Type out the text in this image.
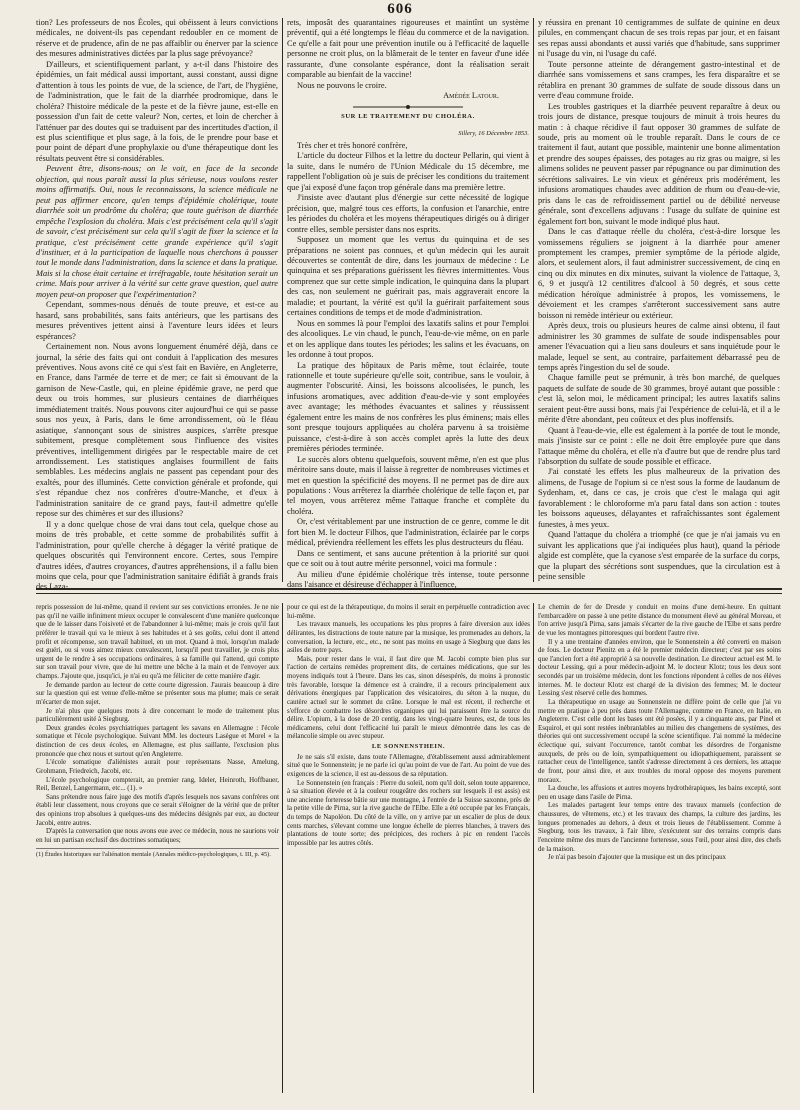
606

tion? Les professeurs de nos Écoles, qui obéissent à leurs convictions médicales, ne doivent-ils pas cependant redoubler en ce moment de réserve et de prudence, afin de ne pas affaiblir ou énerver par la science des mesures administratives dictées par la plus sage prévoyance?

D'ailleurs, et scientifiquement parlant, y a-t-il dans l'histoire des épidémies, un fait médical aussi important, aussi constant, aussi digne d'attention à tous les points de vue, de la science, de l'art, de l'hygiène, de l'administration, que le fait de la diarrhée prodromique, dans le choléra? l'histoire médicale de la peste et de la fièvre jaune, est-elle en possession d'un fait de cette valeur? Non, certes, et loin de chercher à l'atténuer par des doutes qui se traduisent par des incertitudes d'action, il est plus scientifique et plus sage, à la fois, de le prendre pour base et pour point de départ d'une prophylaxie ou d'une thérapeutique dont les résultats peuvent être si considérables.

Peuvent être, disons-nous; on le voit, en face de la seconde objection, qui nous paraît aussi la plus sérieuse, nous voulons rester moins affirmatifs. Oui, nous le reconnaissons, la science médicale ne peut pas affirmer encore, qu'en temps d'épidémie cholérique, toute diarrhée soit un prodrôme du choléra; que toute guérison de diarrhée empêche l'explosion du choléra. Mais c'est précisément cela qu'il s'agit de savoir, c'est précisément sur cela qu'il s'agit de fixer la science et la pratique, c'est précisément cette grande expérience qu'il s'agit d'instituer, et à la participation de laquelle nous cherchons à pousser tout le monde dans l'administration, dans la science et dans la pratique. Mais si la chose était certaine et irréfragable, toute hésitation serait un crime. Mais pour arriver à la vérité sur cette grave question, quel autre moyen peut-on proposer que l'expérimentation?

Cependant, sommes-nous dénués de toute preuve, et est-ce au hasard, sans probabilités, sans faits antérieurs, que les partisans des mesures préventives jettent ainsi à l'aventure leurs idées et leurs espérances?

Certainement non. Nous avons longuement énuméré déjà, dans ce journal, la série des faits qui ont conduit à l'application des mesures préventives. Nous avons cité ce qui s'est fait en Bavière, en Angleterre, en France, dans l'armée de terre et de mer; ce fait si émouvant de la garnison de New-Castle, qui, en pleine épidémie grave, ne perd que deux ou trois hommes, sur plusieurs centaines de diarrhéiques immédiatement traités. Nous pouvons citer aujourd'hui ce qui se passe sous nos yeux, à Paris, dans le 6me arrondissement, où le fléau asiatique, s'annonçant sous de sinistres auspices, s'arrête presque subitement, presque complètement sous l'influence des visites préventives, intelligemment dirigées par le respectable maire de cet arrondissement. Les statistiques anglaises fourmillent de faits semblables. Les médecins anglais ne passent pas cependant pour des exaltés, pour des illuminés. Cette conviction générale et profonde, qui s'est répandue chez nos confrères d'outre-Manche, et d'eux à l'administration sanitaire de ce grand pays, faut-il admettre qu'elle repose sur des chimères et sur des illusions?

Il y a donc quelque chose de vrai dans tout cela, quelque chose au moins de très probable, et cette somme de probabilités suffit à l'administration, pour qu'elle cherche à dégager la vérité pratique de quelques obscurités qui l'environnent encore. Certes, sous l'empire d'autres idées, d'autres croyances, d'autres appréhensions, il a fallu bien moins que cela, pour que l'administration sanitaire édifiât à grands frais des Laza-

rets, imposât des quarantaines rigoureuses et maintînt un système préventif, qui a été longtemps le fléau du commerce et de la navigation. Ce qu'elle a fait pour une prévention inutile ou à l'efficacité de laquelle personne ne croit plus, on la blâmerait de le tenter en faveur d'une idée rassurante, d'une consolante espérance, dont la réalisation serait comparable au bienfait de la vaccine!

Nous ne pouvons le croire.

Amédée Latour.

SUR LE TRAITEMENT DU CHOLÉRA.

Sillery, 16 Décembre 1853.

Très cher et très honoré confrère,

L'article du docteur Filhos et la lettre du docteur Pellarin, qui vient à la suite, dans le numéro de l'Union Médicale du 15 décembre, me rappellent l'obligation où je suis de préciser les conditions du traitement que j'ai exposé d'une façon trop générale dans ma première lettre.

J'insiste avec d'autant plus d'énergie sur cette nécessité de logique précision, que, malgré tous ces efforts, la confusion et l'anarchie, entre les périodes du choléra et les moyens thérapeutiques dirigés ou à diriger contre elles, semble persister dans nos esprits.

Supposez un moment que les vertus du quinquina et de ses préparations ne soient pas connues, et qu'un médecin qui les aurait découvertes se contentât de dire, dans les journaux de médecine : Le quinquina et ses préparations guérissent les fièvres intermittentes. Vous comprenez que sur cette simple indication, le quinquina dans la plupart des cas, non seulement ne guérirait pas, mais aggraverait encore la maladie; et pourtant, la vérité est qu'il la guérirait parfaitement sous certaines conditions de temps et de mode d'administration.

Nous en sommes là pour l'emploi des laxatifs salins et pour l'emploi des alcooliques. Le vin chaud, le punch, l'eau-de-vie même, on en parle et on les applique dans toutes les périodes; les salins et les évacuans, on les ordonne à tout propos.

La pratique des hôpitaux de Paris même, tout éclairée, toute rationnelle et toute supérieure qu'elle soit, contribue, sans le vouloir, à augmenter l'obscurité. Ainsi, les boissons alcoolisées, le punch, les infusions aromatiques, avec addition d'eau-de-vie y sont employées avec avantage; les méthodes évacuantes et salines y réussissent également entre les mains de nos confrères les plus éminens; mais elles sont presque toujours appliquées au choléra parvenu à sa troisième puissance, c'est-à-dire à son accès complet après la lutte des deux premières périodes terminée.

Le succès alors obtenu quelquefois, souvent même, n'en est que plus méritoire sans doute, mais il laisse à regretter de nombreuses victimes et met en question la spécificité des moyens. Il ne permet pas de dire aux populations : Vous arrêterez la diarrhée cholérique de telle façon et, par tel moyen, vous arrêterez même l'attaque franche et complète du choléra.

Or, c'est véritablement par une instruction de ce genre, comme le dit fort bien M. le docteur Filhos, que l'administration, éclairée par le corps médical, préviendra réellement les effets les plus destructeurs du fléau.

Dans ce sentiment, et sans aucune prétention à la priorité sur quoi que ce soit ou à tout autre mérite personnel, voici ma formule :

Au milieu d'une épidémie cholérique très intense, toute personne dans l'aisance et désireuse d'échapper à l'influence,

y réussira en prenant 10 centigrammes de sulfate de quinine en deux pilules, en commençant chacun de ses trois repas par jour, et en faisant ses repas aussi abondants et aussi variés que d'habitude, sans supprimer ni l'usage du vin, ni l'usage du café.

Toute personne atteinte de dérangement gastro-intestinal et de diarrhée sans vomissemens et sans crampes, les fera disparaître et se rétablira en prenant 30 grammes de sulfate de soude dissous dans un verre d'eau commune froide.

Les troubles gastriques et la diarrhée peuvent reparaître à deux ou trois jours de distance, presque toujours de minuit à trois heures du matin : à chaque récidive il faut opposer 30 grammes de sulfate de soude, pris au moment où le trouble reparaît. Dans le cours de ce traitement il faut, autant que possible, maintenir une bonne alimentation et prendre des soupes épaisses, des potages au riz gras ou maigre, si les alimens solides ne peuvent passer par répugnance ou par diminution des sécrétions salivaires. Le vin vieux et généreux pris modérément, les infusions aromatiques chaudes avec addition de rhum ou d'eau-de-vie, pris dans le cas de refroidissement partiel ou de débilité nerveuse générale, sont d'excellens adjuvans : l'usage du sulfate de quinine est également fort bon, suivant le mode indiqué plus haut.

Dans le cas d'attaque réelle du choléra, c'est-à-dire lorsque les vomissemens réguliers se joignent à la diarrhée pour amener promptement les crampes, premier symptôme de la période algide, alors, et seulement alors, il faut administrer successivement, de cinq en cinq ou dix minutes en dix minutes, suivant la violence de l'attaque, 3, 6, 9 et jusqu'à 12 centilitres d'alcool à 50 degrés, et sous cette médication héroïque administrée à propos, les vomissemens, le dévoiement et les crampes s'arrêteront successivement sans autre boisson ni remède intérieur ou extérieur.

Après deux, trois ou plusieurs heures de calme ainsi obtenu, il faut administrer les 30 grammes de sulfate de soude indispensables pour amener l'évacuation qui a lieu sans douleurs et sans inquiétude pour le malade, lequel se sent, au contraire, parfaitement débarrassé peu de temps après l'ingestion du sel de soude.

Chaque famille peut se prémunir, à très bon marché, de quelques paquets de sulfate de soude de 30 grammes, broyé autant que possible : c'est là, selon moi, le médicament principal; les autres laxatifs salins seraient peut-être aussi bons, mais j'ai l'expérience de celui-là, et il a le mérite d'être abondant, peu coûteux et des plus inoffensifs.

Quant à l'eau-de-vie, elle est également à la portée de tout le monde, mais j'insiste sur ce point : elle ne doit être employée pure que dans l'attaque même du choléra, et elle n'a d'autre but que de rendre plus tard l'absorption du sulfate de soude possible et efficace.

J'ai constaté les effets les plus malheureux de la privation des alimens, de l'usage de l'opium si ce n'est sous la forme de laudanum de Sydenham, et, dans ce cas, je crois que c'est le malaga qui agit favorablement : le chloroforme m'a paru fatal dans son action : toutes les boissons aqueuses, délayantes et rafraîchissantes sont également funestes, à mes yeux.

Quand l'attaque du choléra a triomphé (ce que je n'ai jamais vu en suivant les applications que j'ai indiquées plus haut), quand la période algide est complète, que la cyanose s'est emparée de la surface du corps, que la plupart des sécrétions sont suspendues, que la circulation est à peine sensible

repris possession de lui-même, quand il revient sur ses convictions erronées. Je ne nie pas qu'il ne vaille infiniment mieux occuper le convalescent d'une manière quelconque que de le laisser dans l'oisiveté et de l'abandonner à lui-même; mais je crois qu'il faut préférer le travail qui va le mieux à ses habitudes et à ses goûts, celui dont il attend profit et récompense, son travail habituel, en un mot. Quand à moi, lorsqu'un malade est guéri, ou si vous aimez mieux convalescent, lorsqu'il peut travailler, je crois plus urgent de le rendre à ses occupations ordinaires, à sa famille qui l'attend, qui compte sur son travail pour vivre, que de lui mettre une bêche à la main et de l'envoyer aux champs. J'ajoute que, jusqu'ici, je n'ai eu qu'à me féliciter de cette manière d'agir.

Je demande pardon au lecteur de cette courte digression. J'aurais beaucoup à dire sur la question qui est venue d'elle-même se présenter sous ma plume; mais ce serait m'écarter de mon sujet.

Je n'ai plus que quelques mots à dire concernant le mode de traitement plus particulièrement usité à Siegburg.

Deux grandes écoles psychiatriques partagent les savans en Allemagne : l'école somatique et l'école psychologique. Suivant MM. les docteurs Lasègue et Morel « la distinction de ces deux écoles, en Allemagne, est plus saillante, l'exclusion plus prononcée que chez nous et surtout qu'en Angleterre.

L'école somatique d'aliénistes aurait pour représentans Nasse, Amelung, Grohmann, Friedreich, Jacobi, etc.

L'école psychologique compterait, au premier rang, Ideler, Heinroth, Hoffbauer, Reil, Benzel, Langermann, etc... (1). »

Sans prétendre nous faire juge des motifs d'après lesquels nos savans confrères ont établi leur classement, nous croyons que ce serait s'éloigner de la vérité que de prêter des opinions trop absolues à quelques-uns des médecins désignés par eux, au docteur Jacobi, entre autres.

D'après la conversation que nous avons eue avec ce médecin, nous ne saurions voir en lui un partisan exclusif des doctrines somatiques;

(1) Études historiques sur l'aliénation mentale (Annales médico-psychologiques, t. III, p. 45).

pour ce qui est de la thérapeutique, du moins il serait en perpétuelle contradiction avec lui-même.

Les travaux manuels, les occupations les plus propres à faire diversion aux idées délirantes, les distractions de toute nature par la musique, les promenades au dehors, la conversation, la lecture, etc., etc., ne sont pas moins en usage à Siegburg que dans les asiles de notre pays.

Mais, pour rester dans le vrai, il faut dire que M. Jacobi compte bien plus sur l'action de certains remèdes proprement dits, de certaines médications, que sur les moyens indiqués tout à l'heure. Dans les cas, sinon désespérés, du moins à pronostic très favorable, lorsque la démence est à craindre, il a recours principalement aux dérivations énergiques par l'application des vésicatoires, du séton à la nuque, du cautère actuel sur le sommet du crâne. Lorsque le mal est récent, il recherche et s'efforce de combattre les désordres organiques qui lui paraissent être la source du délire. L'opium, à la dose de 20 centig. dans les vingt-quatre heures, est, de tous les médicamens, celui dont l'efficacité lui paraît le mieux démontrée dans les cas de mélancolie simple ou avec stupeur.

LE SONNENSTHEIN.

Je ne sais s'il existe, dans toute l'Allemagne, d'établissement aussi admirablement situé que le Sonnenstein; je ne parle ici qu'au point de vue de l'art. Au point de vue des exigences de la science, il est au-dessous de sa réputation.

Le Sonnenstein (en français : Pierre du soleil, nom qu'il doit, selon toute apparence, à sa situation élevée et à la couleur rougeâtre des rochers sur lesquels il est assis) est une ancienne forteresse bâtie sur une montagne, à l'entrée de la Suisse saxonne, près de la petite ville de Pirna, sur la rive gauche de l'Elbe. Elle a été occupée par les Français, du temps de Napoléon. Du côté de la ville, on y arrive par un escalier de plus de deux cents marches, s'élevant comme une longue échelle de pierres blanches, à travers des plantations de toute sorte; des précipices, des rochers à pic en rendent l'accès impossible par les autres côtés.

Le chemin de fer de Dresde y conduit en moins d'une demi-heure. En quittant l'embarcadère on passe à une petite distance du monument élevé au général Moreau, et l'on arrive jusqu'à Pirna, sans jamais s'écarter de la rive gauche de l'Elbe et sans perdre de vue les montagnes pittoresques qui bordent l'autre rive.

Il y a une trentaine d'années environ, que le Sonnenstein a été converti en maison de fous. Le docteur Pienitz en a été le premier médecin directeur; c'est par ses soins que l'ancien fort a été approprié à sa nouvelle destination. Le directeur actuel est M. le docteur Lessing, qui a pour médecin-adjoint M. le docteur Klotz; tous les deux sont secondés par un troisième médecin, dont les fonctions répondent à celles de nos élèves internes. M. le docteur Klotz est chargé de la division des femmes; M. le docteur Lessing s'est réservé celle des hommes.

La thérapeutique en usage au Sonnenstein ne diffère point de celle que j'ai vu mettre en pratique à peu près dans toute l'Allemagne, comme en France, en Italie, en Angleterre. C'est celle dont les bases ont été posées, il y a cinquante ans, par Pinel et Esquirol, et qui sont restées inébranlables au milieu des changemens de systèmes, des théories qui ont successivement occupé la scène scientifique. J'ai nommé la médecine éclectique qui, suivant l'occurrence, tantôt combat les désordres de l'organisme auxquels, de près ou de loin, sympathiquement ou idiopathiquement, paraissent se rattacher ceux de l'intelligence, tantôt s'adresse directement à ces derniers, les attaque de front, pour ainsi dire, et aux troubles du moral oppose des moyens purement moraux.

La douche, les affusions et autres moyens hydrothérapiques, les bains excepté, sont peu en usage dans l'asile de Pirna.

Les malades partagent leur temps entre des travaux manuels (confection de chaussures, de vêtemens, etc.) et les travaux des champs, la culture des jardins, les longues promenades au dehors, à deux et trois lieues de l'établissement. Comme à Siegburg, tous les travaux, à l'air libre, s'exécutent sur des terrains compris dans l'enceinte même des murs de l'ancienne forteresse, sous l'œil, pour ainsi dire, des chefs de la maison.

Je n'ai pas besoin d'ajouter que la musique est un des principaux
